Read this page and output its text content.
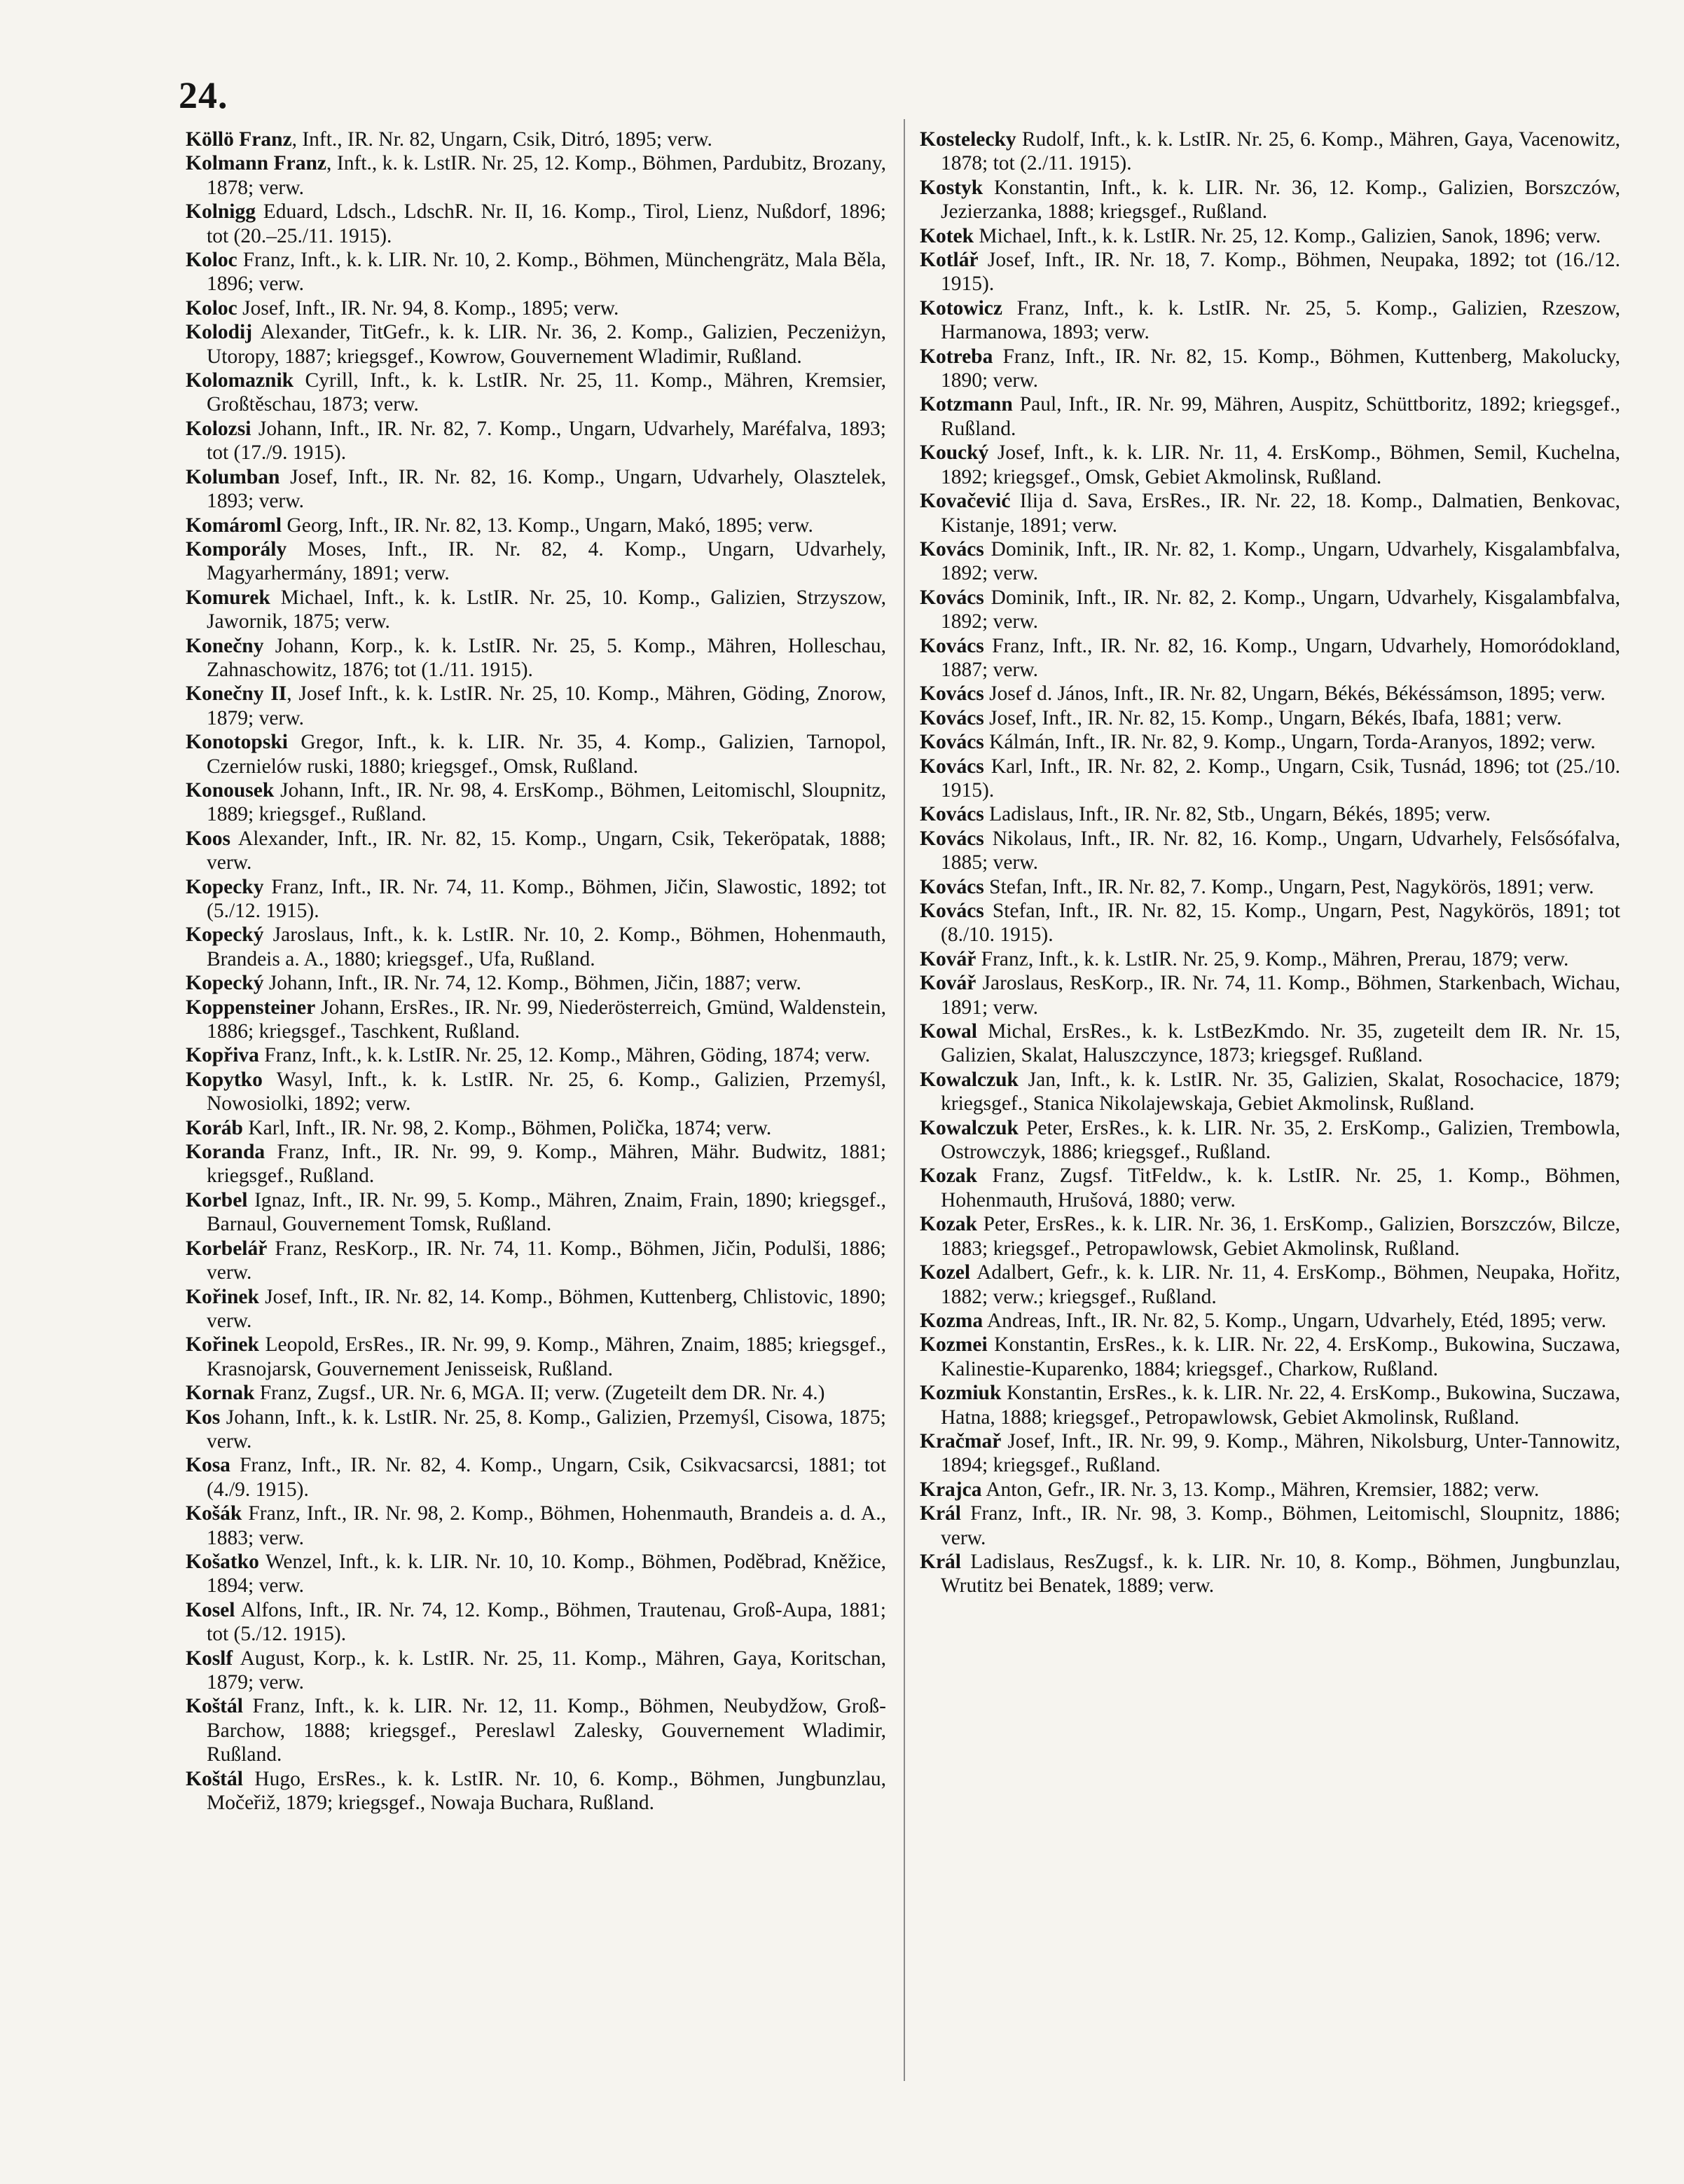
24.

Köllö Franz, Inft., IR. Nr. 82, Ungarn, Csik, Ditró, 1895; verw.

Kolmann Franz, Inft., k. k. LstIR. Nr. 25, 12. Komp., Böhmen, Pardubitz, Brozany, 1878; verw.

Kolnigg Eduard, Ldsch., LdschR. Nr. II, 16. Komp., Tirol, Lienz, Nußdorf, 1896; tot (20.–25./11. 1915).

Koloc Franz, Inft., k. k. LIR. Nr. 10, 2. Komp., Böhmen, Münchengrätz, Mala Běla, 1896; verw.

Koloc Josef, Inft., IR. Nr. 94, 8. Komp., 1895; verw.

Kolodij Alexander, TitGefr., k. k. LIR. Nr. 36, 2. Komp., Galizien, Peczeniżyn, Utoropy, 1887; kriegsgef., Kowrow, Gouvernement Wladimir, Rußland.

Kolomaznik Cyrill, Inft., k. k. LstIR. Nr. 25, 11. Komp., Mähren, Kremsier, Großtěschau, 1873; verw.

Kolozsi Johann, Inft., IR. Nr. 82, 7. Komp., Ungarn, Udvarhely, Maréfalva, 1893; tot (17./9. 1915).

Kolumban Josef, Inft., IR. Nr. 82, 16. Komp., Ungarn, Udvarhely, Olasztelek, 1893; verw.

Komároml Georg, Inft., IR. Nr. 82, 13. Komp., Ungarn, Makó, 1895; verw.

Komporály Moses, Inft., IR. Nr. 82, 4. Komp., Ungarn, Udvarhely, Magyarhermány, 1891; verw.

Komurek Michael, Inft., k. k. LstIR. Nr. 25, 10. Komp., Galizien, Strzyszow, Jawornik, 1875; verw.

Konečny Johann, Korp., k. k. LstIR. Nr. 25, 5. Komp., Mähren, Holleschau, Zahnaschowitz, 1876; tot (1./11. 1915).

Konečny II, Josef Inft., k. k. LstIR. Nr. 25, 10. Komp., Mähren, Göding, Znorow, 1879; verw.

Konotopski Gregor, Inft., k. k. LIR. Nr. 35, 4. Komp., Galizien, Tarnopol, Czernielów ruski, 1880; kriegsgef., Omsk, Rußland.

Konousek Johann, Inft., IR. Nr. 98, 4. ErsKomp., Böhmen, Leitomischl, Sloupnitz, 1889; kriegsgef., Rußland.

Koos Alexander, Inft., IR. Nr. 82, 15. Komp., Ungarn, Csik, Tekeröpatak, 1888; verw.

Kopecky Franz, Inft., IR. Nr. 74, 11. Komp., Böhmen, Jičin, Slawostic, 1892; tot (5./12. 1915).

Kopecký Jaroslaus, Inft., k. k. LstIR. Nr. 10, 2. Komp., Böhmen, Hohenmauth, Brandeis a. A., 1880; kriegsgef., Ufa, Rußland.

Kopecký Johann, Inft., IR. Nr. 74, 12. Komp., Böhmen, Jičin, 1887; verw.

Koppensteiner Johann, ErsRes., IR. Nr. 99, Niederösterreich, Gmünd, Waldenstein, 1886; kriegsgef., Taschkent, Rußland.

Kopřiva Franz, Inft., k. k. LstIR. Nr. 25, 12. Komp., Mähren, Göding, 1874; verw.

Kopytko Wasyl, Inft., k. k. LstIR. Nr. 25, 6. Komp., Galizien, Przemyśl, Nowosiolki, 1892; verw.

Koráb Karl, Inft., IR. Nr. 98, 2. Komp., Böhmen, Polička, 1874; verw.

Koranda Franz, Inft., IR. Nr. 99, 9. Komp., Mähren, Mähr. Budwitz, 1881; kriegsgef., Rußland.

Korbel Ignaz, Inft., IR. Nr. 99, 5. Komp., Mähren, Znaim, Frain, 1890; kriegsgef., Barnaul, Gouvernement Tomsk, Rußland.

Korbelář Franz, ResKorp., IR. Nr. 74, 11. Komp., Böhmen, Jičin, Podulši, 1886; verw.

Kořinek Josef, Inft., IR. Nr. 82, 14. Komp., Böhmen, Kuttenberg, Chlistovic, 1890; verw.

Kořinek Leopold, ErsRes., IR. Nr. 99, 9. Komp., Mähren, Znaim, 1885; kriegsgef., Krasnojarsk, Gouvernement Jenisseisk, Rußland.

Kornak Franz, Zugsf., UR. Nr. 6, MGA. II; verw. (Zugeteilt dem DR. Nr. 4.)

Kos Johann, Inft., k. k. LstIR. Nr. 25, 8. Komp., Galizien, Przemyśl, Cisowa, 1875; verw.

Kosa Franz, Inft., IR. Nr. 82, 4. Komp., Ungarn, Csik, Csikvacsarcsi, 1881; tot (4./9. 1915).

Košák Franz, Inft., IR. Nr. 98, 2. Komp., Böhmen, Hohenmauth, Brandeis a. d. A., 1883; verw.

Košatko Wenzel, Inft., k. k. LIR. Nr. 10, 10. Komp., Böhmen, Poděbrad, Kněžice, 1894; verw.

Kosel Alfons, Inft., IR. Nr. 74, 12. Komp., Böhmen, Trautenau, Groß-Aupa, 1881; tot (5./12. 1915).

Koslf August, Korp., k. k. LstIR. Nr. 25, 11. Komp., Mähren, Gaya, Koritschan, 1879; verw.

Koštál Franz, Inft., k. k. LIR. Nr. 12, 11. Komp., Böhmen, Neubydžow, Groß-Barchow, 1888; kriegsgef., Pereslawl Zalesky, Gouvernement Wladimir, Rußland.

Koštál Hugo, ErsRes., k. k. LstIR. Nr. 10, 6. Komp., Böhmen, Jungbunzlau, Močeřiž, 1879; kriegsgef., Nowaja Buchara, Rußland.

Kostelecky Rudolf, Inft., k. k. LstIR. Nr. 25, 6. Komp., Mähren, Gaya, Vacenowitz, 1878; tot (2./11. 1915).

Kostyk Konstantin, Inft., k. k. LIR. Nr. 36, 12. Komp., Galizien, Borszczów, Jezierzanka, 1888; kriegsgef., Rußland.

Kotek Michael, Inft., k. k. LstIR. Nr. 25, 12. Komp., Galizien, Sanok, 1896; verw.

Kotlář Josef, Inft., IR. Nr. 18, 7. Komp., Böhmen, Neupaka, 1892; tot (16./12. 1915).

Kotowicz Franz, Inft., k. k. LstIR. Nr. 25, 5. Komp., Galizien, Rzeszow, Harmanowa, 1893; verw.

Kotreba Franz, Inft., IR. Nr. 82, 15. Komp., Böhmen, Kuttenberg, Makolucky, 1890; verw.

Kotzmann Paul, Inft., IR. Nr. 99, Mähren, Auspitz, Schüttboritz, 1892; kriegsgef., Rußland.

Koucký Josef, Inft., k. k. LIR. Nr. 11, 4. ErsKomp., Böhmen, Semil, Kuchelna, 1892; kriegsgef., Omsk, Gebiet Akmolinsk, Rußland.

Kovačević Ilija d. Sava, ErsRes., IR. Nr. 22, 18. Komp., Dalmatien, Benkovac, Kistanje, 1891; verw.

Kovács Dominik, Inft., IR. Nr. 82, 1. Komp., Ungarn, Udvarhely, Kisgalambfalva, 1892; verw.

Kovács Dominik, Inft., IR. Nr. 82, 2. Komp., Ungarn, Udvarhely, Kisgalambfalva, 1892; verw.

Kovács Franz, Inft., IR. Nr. 82, 16. Komp., Ungarn, Udvarhely, Homoródokland, 1887; verw.

Kovács Josef d. János, Inft., IR. Nr. 82, Ungarn, Békés, Békéssámson, 1895; verw.

Kovács Josef, Inft., IR. Nr. 82, 15. Komp., Ungarn, Békés, Ibafa, 1881; verw.

Kovács Kálmán, Inft., IR. Nr. 82, 9. Komp., Ungarn, Torda-Aranyos, 1892; verw.

Kovács Karl, Inft., IR. Nr. 82, 2. Komp., Ungarn, Csik, Tusnád, 1896; tot (25./10. 1915).

Kovács Ladislaus, Inft., IR. Nr. 82, Stb., Ungarn, Békés, 1895; verw.

Kovács Nikolaus, Inft., IR. Nr. 82, 16. Komp., Ungarn, Udvarhely, Felsősófalva, 1885; verw.

Kovács Stefan, Inft., IR. Nr. 82, 7. Komp., Ungarn, Pest, Nagykörös, 1891; verw.

Kovács Stefan, Inft., IR. Nr. 82, 15. Komp., Ungarn, Pest, Nagykörös, 1891; tot (8./10. 1915).

Kovář Franz, Inft., k. k. LstIR. Nr. 25, 9. Komp., Mähren, Prerau, 1879; verw.

Kovář Jaroslaus, ResKorp., IR. Nr. 74, 11. Komp., Böhmen, Starkenbach, Wichau, 1891; verw.

Kowal Michal, ErsRes., k. k. LstBezKmdo. Nr. 35, zugeteilt dem IR. Nr. 15, Galizien, Skalat, Haluszczynce, 1873; kriegsgef. Rußland.

Kowalczuk Jan, Inft., k. k. LstIR. Nr. 35, Galizien, Skalat, Rosochacice, 1879; kriegsgef., Stanica Nikolajewskaja, Gebiet Akmolinsk, Rußland.

Kowalczuk Peter, ErsRes., k. k. LIR. Nr. 35, 2. ErsKomp., Galizien, Trembowla, Ostrowczyk, 1886; kriegsgef., Rußland.

Kozak Franz, Zugsf. TitFeldw., k. k. LstIR. Nr. 25, 1. Komp., Böhmen, Hohenmauth, Hrušová, 1880; verw.

Kozak Peter, ErsRes., k. k. LIR. Nr. 36, 1. ErsKomp., Galizien, Borszczów, Bilcze, 1883; kriegsgef., Petropawlowsk, Gebiet Akmolinsk, Rußland.

Kozel Adalbert, Gefr., k. k. LIR. Nr. 11, 4. ErsKomp., Böhmen, Neupaka, Hořitz, 1882; verw.; kriegsgef., Rußland.

Kozma Andreas, Inft., IR. Nr. 82, 5. Komp., Ungarn, Udvarhely, Etéd, 1895; verw.

Kozmei Konstantin, ErsRes., k. k. LIR. Nr. 22, 4. ErsKomp., Bukowina, Suczawa, Kalinestie-Kuparenko, 1884; kriegsgef., Charkow, Rußland.

Kozmiuk Konstantin, ErsRes., k. k. LIR. Nr. 22, 4. ErsKomp., Bukowina, Suczawa, Hatna, 1888; kriegsgef., Petropawlowsk, Gebiet Akmolinsk, Rußland.

Kračmař Josef, Inft., IR. Nr. 99, 9. Komp., Mähren, Nikolsburg, Unter-Tannowitz, 1894; kriegsgef., Rußland.

Krajca Anton, Gefr., IR. Nr. 3, 13. Komp., Mähren, Kremsier, 1882; verw.

Král Franz, Inft., IR. Nr. 98, 3. Komp., Böhmen, Leitomischl, Sloupnitz, 1886; verw.

Král Ladislaus, ResZugsf., k. k. LIR. Nr. 10, 8. Komp., Böhmen, Jungbunzlau, Wrutitz bei Benatek, 1889; verw.
